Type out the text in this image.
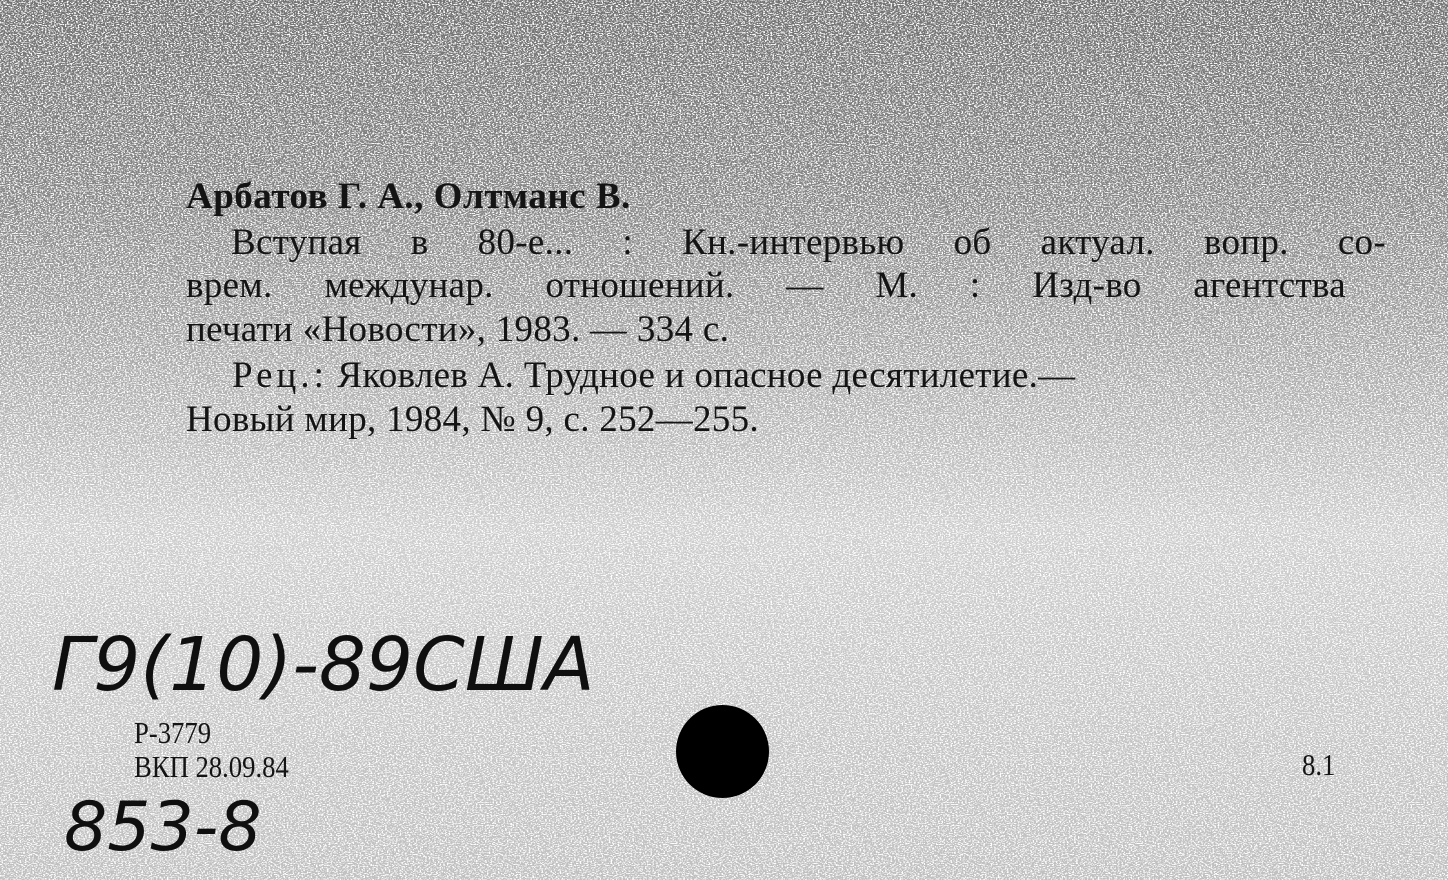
Арбатов Г. А., Олтманс В.
Вступая в 80-е... : Кн.-интервью об актуал. вопр. со-
врем. междунар. отношений. — М. : Изд-во агентства
печати «Новости», 1983. — 334 с.
Рец.: Яковлев А. Трудное и опасное десятилетие.—
Новый мир, 1984, № 9, с. 252—255.
Г9(10)-89США
853-8
Р-3779
ВКП 28.09.84	8.1
